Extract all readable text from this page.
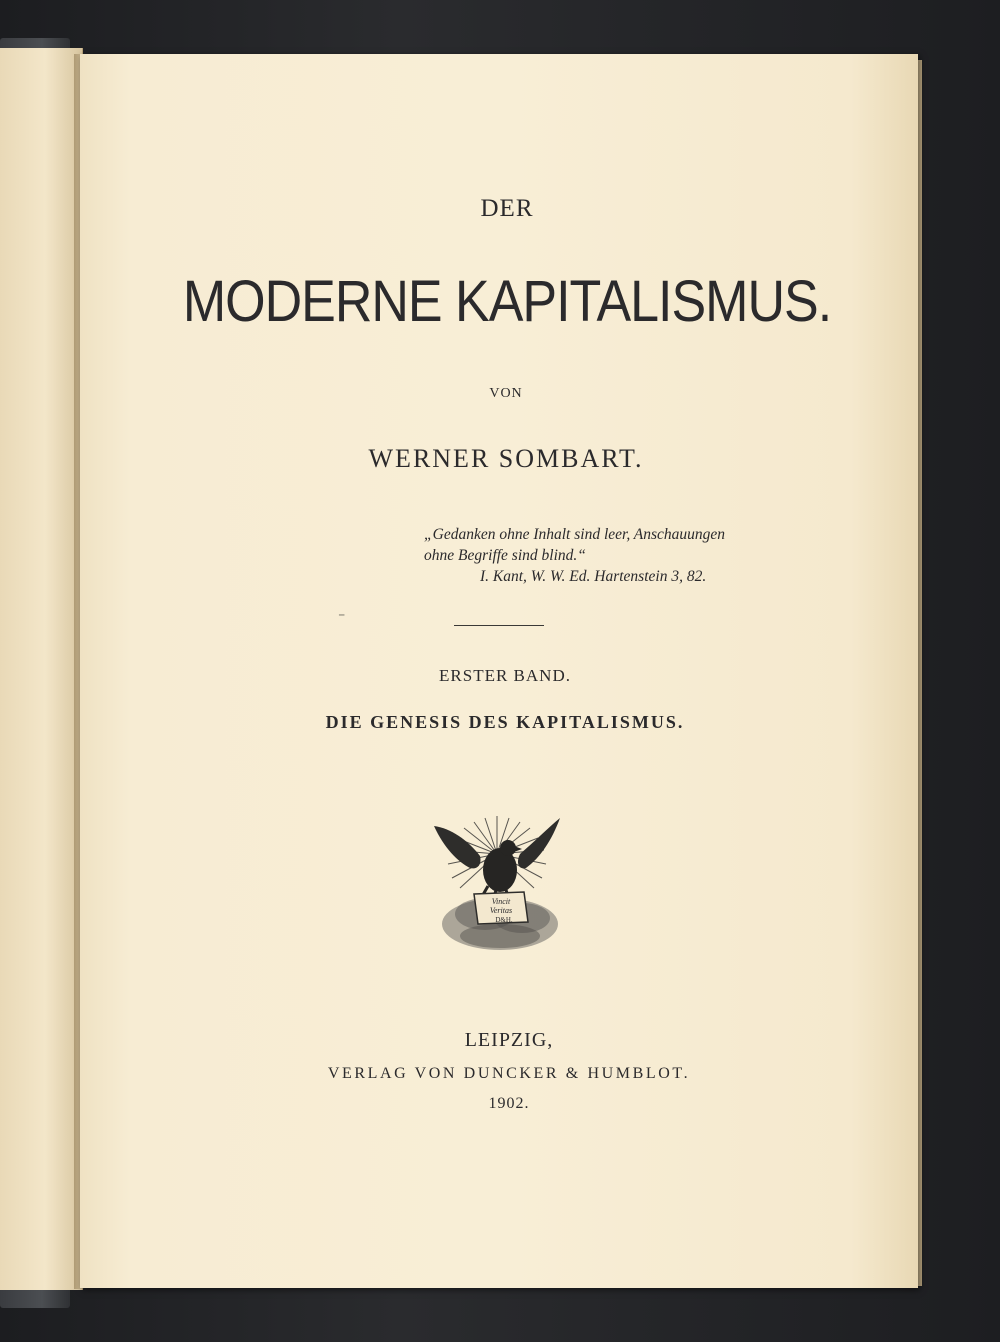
DER
MODERNE KAPITALISMUS.
VON
WERNER SOMBART.
„Gedanken ohne Inhalt sind leer, Anschauungen
ohne Begriffe sind blind.“
I. Kant, W. W. Ed. Hartenstein 3, 82.
⁻
ERSTER BAND.
DIE GENESIS DES KAPITALISMUS.
Vincit
Veritas
D&H.
LEIPZIG,
VERLAG VON DUNCKER & HUMBLOT.
1902.
